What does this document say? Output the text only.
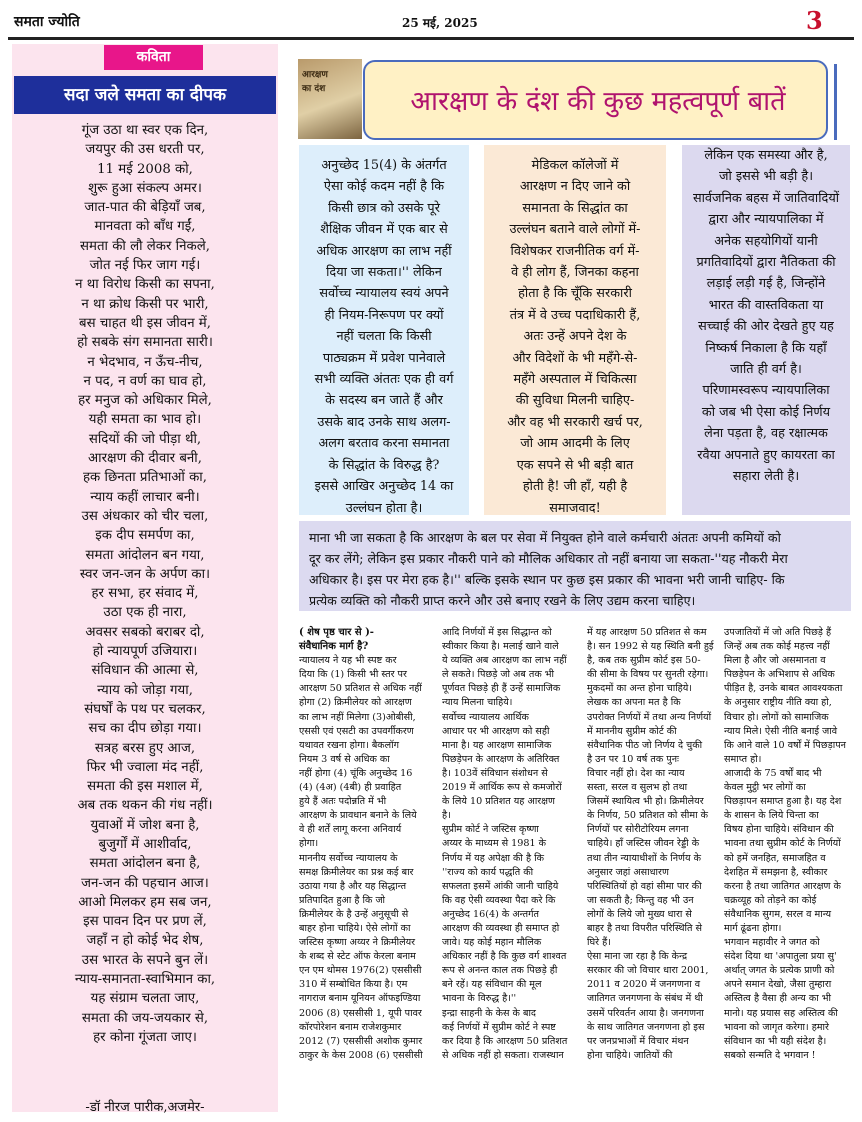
समता ज्योति	25 मई, 2025	3
कविता
सदा जले समता का दीपक
गूंज उठा था स्वर एक दिन,
जयपुर की उस धरती पर,
11 मई 2008 को,
शुरू हुआ संकल्प अमर।
जात-पात की बेड़ियाँ जब,
मानवता को बाँध गईं,
समता की लौ लेकर निकले,
जोत नई फिर जाग गई।
न था विरोध किसी का सपना,
न था क्रोध किसी पर भारी,
बस चाहत थी इस जीवन में,
हो सबके संग समानता सारी।
न भेदभाव, न ऊँच-नीच,
न पद, न वर्ण का घाव हो,
हर मनुज को अधिकार मिले,
यही समता का भाव हो।
सदियों की जो पीड़ा थी,
आरक्षण की दीवार बनी,
हक छिनता प्रतिभाओं का,
न्याय कहीं लाचार बनी।
उस अंधकार को चीर चला,
इक दीप समर्पण का,
समता आंदोलन बन गया,
स्वर जन-जन के अर्पण का।
हर सभा, हर संवाद में,
उठा एक ही नारा,
अवसर सबको बराबर दो,
हो न्यायपूर्ण उजियारा।
संविधान की आत्मा से,
न्याय को जोड़ा गया,
संघर्षों के पथ पर चलकर,
सच का दीप छोड़ा गया।
सत्रह बरस हुए आज,
फिर भी ज्वाला मंद नहीं,
समता की इस मशाल में,
अब तक थकन की गंध नहीं।
युवाओं में जोश बना है,
बुजुर्गों में आशीर्वाद,
समता आंदोलन बना है,
जन-जन की पहचान आज।
आओ मिलकर हम सब जन,
इस पावन दिन पर प्रण लें,
जहाँ न हो कोई भेद शेष,
उस भारत के सपने बुन लें।
न्याय-समानता-स्वाभिमान का,
यह संग्राम चलता जाए,
समता की जय-जयकार से,
हर कोना गूंजता जाए।
-डॉ नीरज पारीक,अजमेर-
आरक्षण
का दंश	आरक्षण के दंश की कुछ महत्वपूर्ण बातें
अनुच्छेद 15(4) के अंतर्गत
ऐसा कोई कदम नहीं है कि
किसी छात्र को उसके पूरे
शैक्षिक जीवन में एक बार से
अधिक आरक्षण का लाभ नहीं
दिया जा सकता।'' लेकिन
सर्वोच्च न्यायालय स्वयं अपने
ही नियम-निरूपण पर क्यों
नहीं चलता कि किसी
पाठ्यक्रम में प्रवेश पानेवाले
सभी व्यक्ति अंततः एक ही वर्ग
के सदस्य बन जाते हैं और
उसके बाद उनके साथ अलग-
अलग बरताव करना समानता
के सिद्धांत के विरुद्ध है?
इससे आखिर अनुच्छेद 14 का
उल्लंघन होता है।
मेडिकल कॉलेजों में
आरक्षण न दिए जाने को
समानता के सिद्धांत का
उल्लंघन बताने वाले लोगों में-
विशेषकर राजनीतिक वर्ग में-
वे ही लोग हैं, जिनका कहना
होता है कि चूँकि सरकारी
तंत्र में वे उच्च पदाधिकारी हैं,
अतः उन्हें अपने देश के
और विदेशों के भी महँगे-से-
महँगे अस्पताल में चिकित्सा
की सुविधा मिलनी चाहिए-
और वह भी सरकारी खर्च पर,
जो आम आदमी के लिए
एक सपने से भी बड़ी बात
होती है! जी हाँ, यही है
समाजवाद!
लेकिन एक समस्या और है,
जो इससे भी बड़ी है।
सार्वजनिक बहस में जातिवादियों
द्वारा और न्यायपालिका में
अनेक सहयोगियों यानी
प्रगतिवादियों द्वारा नैतिकता की
लड़ाई लड़ी गई है, जिन्होंने
भारत की वास्तविकता या
सच्चाई की ओर देखते हुए यह
निष्कर्ष निकाला है कि यहाँ
जाति ही वर्ग है।
परिणामस्वरूप न्यायपालिका
को जब भी ऐसा कोई निर्णय
लेना पड़ता है, वह रक्षात्मक
रवैया अपनाते हुए कायरता का
सहारा लेती है।
माना भी जा सकता है कि आरक्षण के बल पर सेवा में नियुक्त होने वाले कर्मचारी अंततः अपनी कमियों को
दूर कर लेंगे; लेकिन इस प्रकार नौकरी पाने को मौलिक अधिकार तो नहीं बनाया जा सकता-''यह नौकरी मेरा
अधिकार है। इस पर मेरा हक है।'' बल्कि इसके स्थान पर कुछ इस प्रकार की भावना भरी जानी चाहिए- कि
प्रत्येक व्यक्ति को नौकरी प्राप्त करने और उसे बनाए रखने के लिए उद्यम करना चाहिए।
( शेष पृष्ठ चार से )-
संवैधानिक मार्ग है?
न्यायालय ने यह भी स्पष्ट कर
दिया कि (1) किसी भी स्तर पर
आरक्षण 50 प्रतिशत से अधिक नहीं
होगा (2) क्रिमीलेयर को आरक्षण
का लाभ नहीं मिलेगा (3)ओबीसी,
एससी एवं एसटी का उपवर्गीकरण
यथावत रखना होगा। बैकलॉग
नियम 3 वर्ष से अधिक का
नहीं होगा (4) चूंकि अनुच्छेद 16
(4) (4अ) (4बी) ही प्रवाहित
हुये हैं अतः पदोन्नति में भी
आरक्षण के प्रावधान बनाने के लिये
वे ही शर्तें लागू करना अनिवार्य
होगा।
माननीय सर्वोच्च न्यायालय के
समक्ष क्रिमीलेयर का प्रश्न कई बार
उठाया गया है और यह सिद्धान्त
प्रतिपादित हुआ है कि जो
क्रिमीलेयर के है उन्हें अनुसूची से
बाहर होना चाहिये। ऐसे लोगों का
जस्टिस कृष्णा अय्यर ने क्रिमीलेयर
के शब्द से स्टेट ऑफ केरला बनाम
एन एम थोमस 1976(2) एससीसी
310 में सम्बोधित किया है। एम
नागराज बनाम यूनियन ऑफइण्डिया
2006 (8) एससीसी 1, यूपी पावर
कॉरपोरेशन बनाम राजेशकुमार
2012 (7) एससीसी अशोक कुमार
ठाकुर के केस 2008 (6) एससीसी
आदि निर्णयों में इस सिद्धान्त को
स्वीकार किया है। मलाई खाने वाले
ये व्यक्ति अब आरक्षण का लाभ नहीं
ले सकते। पिछड़े जो अब तक भी
पूर्णवत पिछड़े ही हैं उन्हें सामाजिक
न्याय मिलना चाहिये।
सर्वोच्च न्यायालय आर्थिक
आधार पर भी आरक्षण को सही
माना है। यह आरक्षण सामाजिक
पिछड़ेपन के आरक्षण के अतिरिक्त
है। 103वें संविधान संशोधन से
2019 में आर्थिक रूप से कमजोरों
के लिये 10 प्रतिशत यह आरक्षण
है।
सुप्रीम कोर्ट ने जस्टिस कृष्णा
अय्यर के माध्यम से 1981 के
निर्णय में यह अपेक्षा की है कि
''राज्य को कार्य पद्धति की
सफलता इसमें आंकी जानी चाहिये
कि वह ऐसी व्यवस्था पैदा करे कि
अनुच्छेद 16(4) के अन्तर्गत
आरक्षण की व्यवस्था ही समाप्त हो
जावे। यह कोई महान मौलिक
अधिकार नहीं है कि कुछ वर्ग शाश्वत
रूप से अनन्त काल तक पिछड़े ही
बने रहें। यह संविधान की मूल
भावना के विरुद्ध है।''
इन्द्रा साहनी के केस के बाद
कई निर्णयों में सुप्रीम कोर्ट ने स्पष्ट
कर दिया है कि आरक्षण 50 प्रतिशत
से अधिक नहीं हो सकता। राजस्थान
में यह आरक्षण 50 प्रतिशत से कम
है। सन 1992 से यह स्थिति बनी हुई
है, कब तक सुप्रीम कोर्ट इस 50-
की सीमा के विषय पर सुनती रहेगा।
मुकदमों का अन्त होना चाहिये।
लेखक का अपना मत है कि
उपरोक्त निर्णयों में तथा अन्य निर्णयों
में माननीय सुप्रीम कोर्ट की
संवैधानिक पीठ जो निर्णय दे चुकी
है उन पर 10 वर्ष तक पुनः
विचार नहीं हो। देश का न्याय
सस्ता, सरल व सुलभ हो तथा
जिसमें स्थायित्व भी हो। क्रिमीलेयर
के निर्णय, 50 प्रतिशत को सीमा के
निर्णयों पर सोरीटोरियम लगना
चाहिये। हाँ जस्टिस जीवन रेड्डी के
तथा तीन न्यायाधीशों के निर्णय के
अनुसार जहां असाधारण
परिस्थितियों हो वहां सीमा पार की
जा सकती है; किन्तु वह भी उन
लोगों के लिये जो मुख्य धारा से
बाहर है तथा विपरीत परिस्थिति से
घिरे हैं।
ऐसा माना जा रहा है कि केन्द्र
सरकार की जो विचार धारा 2001,
2011 व 2020 में जनगणना व
जातिगत जनगणना के संबंध में थी
उसमें परिवर्तन आया है। जनगणना
के साथ जातिगत जनगणना हो इस
पर जनप्रभाओं में विचार मंथन
होना चाहिये। जातियों की
उपजातियों में जो अति पिछड़े हैं
जिन्हें अब तक कोई महत्त्व नहीं
मिला है और जो असमानता व
पिछड़ेपन के अभिशाप से अधिक
पीड़ित है, उनके बाबत आवश्यकता
के अनुसार राष्ट्रीय नीति क्या हो,
विचार हो। लोगों को सामाजिक
न्याय मिले। ऐसी नीति बनाई जावे
कि आने वाले 10 वर्षों में पिछड़ापन
समाप्त हो।
आजादी के 75 वर्षों बाद भी
केवल मुट्ठी भर लोगों का
पिछड़ापन समाप्त हुआ है। यह देश
के शासन के लिये चिन्ता का
विषय होना चाहिये। संविधान की
भावना तथा सुप्रीम कोर्ट के निर्णयों
को हमें जनहित, समाजहित व
देशहित में समझना है, स्वीकार
करना है तथा जातिगत आरक्षण के
चक्रव्यूह को तोड़ने का कोई
संवैधानिक सुगम, सरल व मान्य
मार्ग ढूंढना होगा।
भगवान महावीर ने जगत को
संदेश दिया था 'अपातुला प्रया सु'
अर्थात् जगत के प्रत्येक प्राणी को
अपने समान देखो, जैसा तुम्हारा
अस्तित्व है वैसा ही अन्य का भी
मानो। यह प्रयास सह अस्तित्व की
भावना को जागृत करेगा। हमारे
संविधान का भी यही संदेश है।
सबको सन्मति दे भगवान !
